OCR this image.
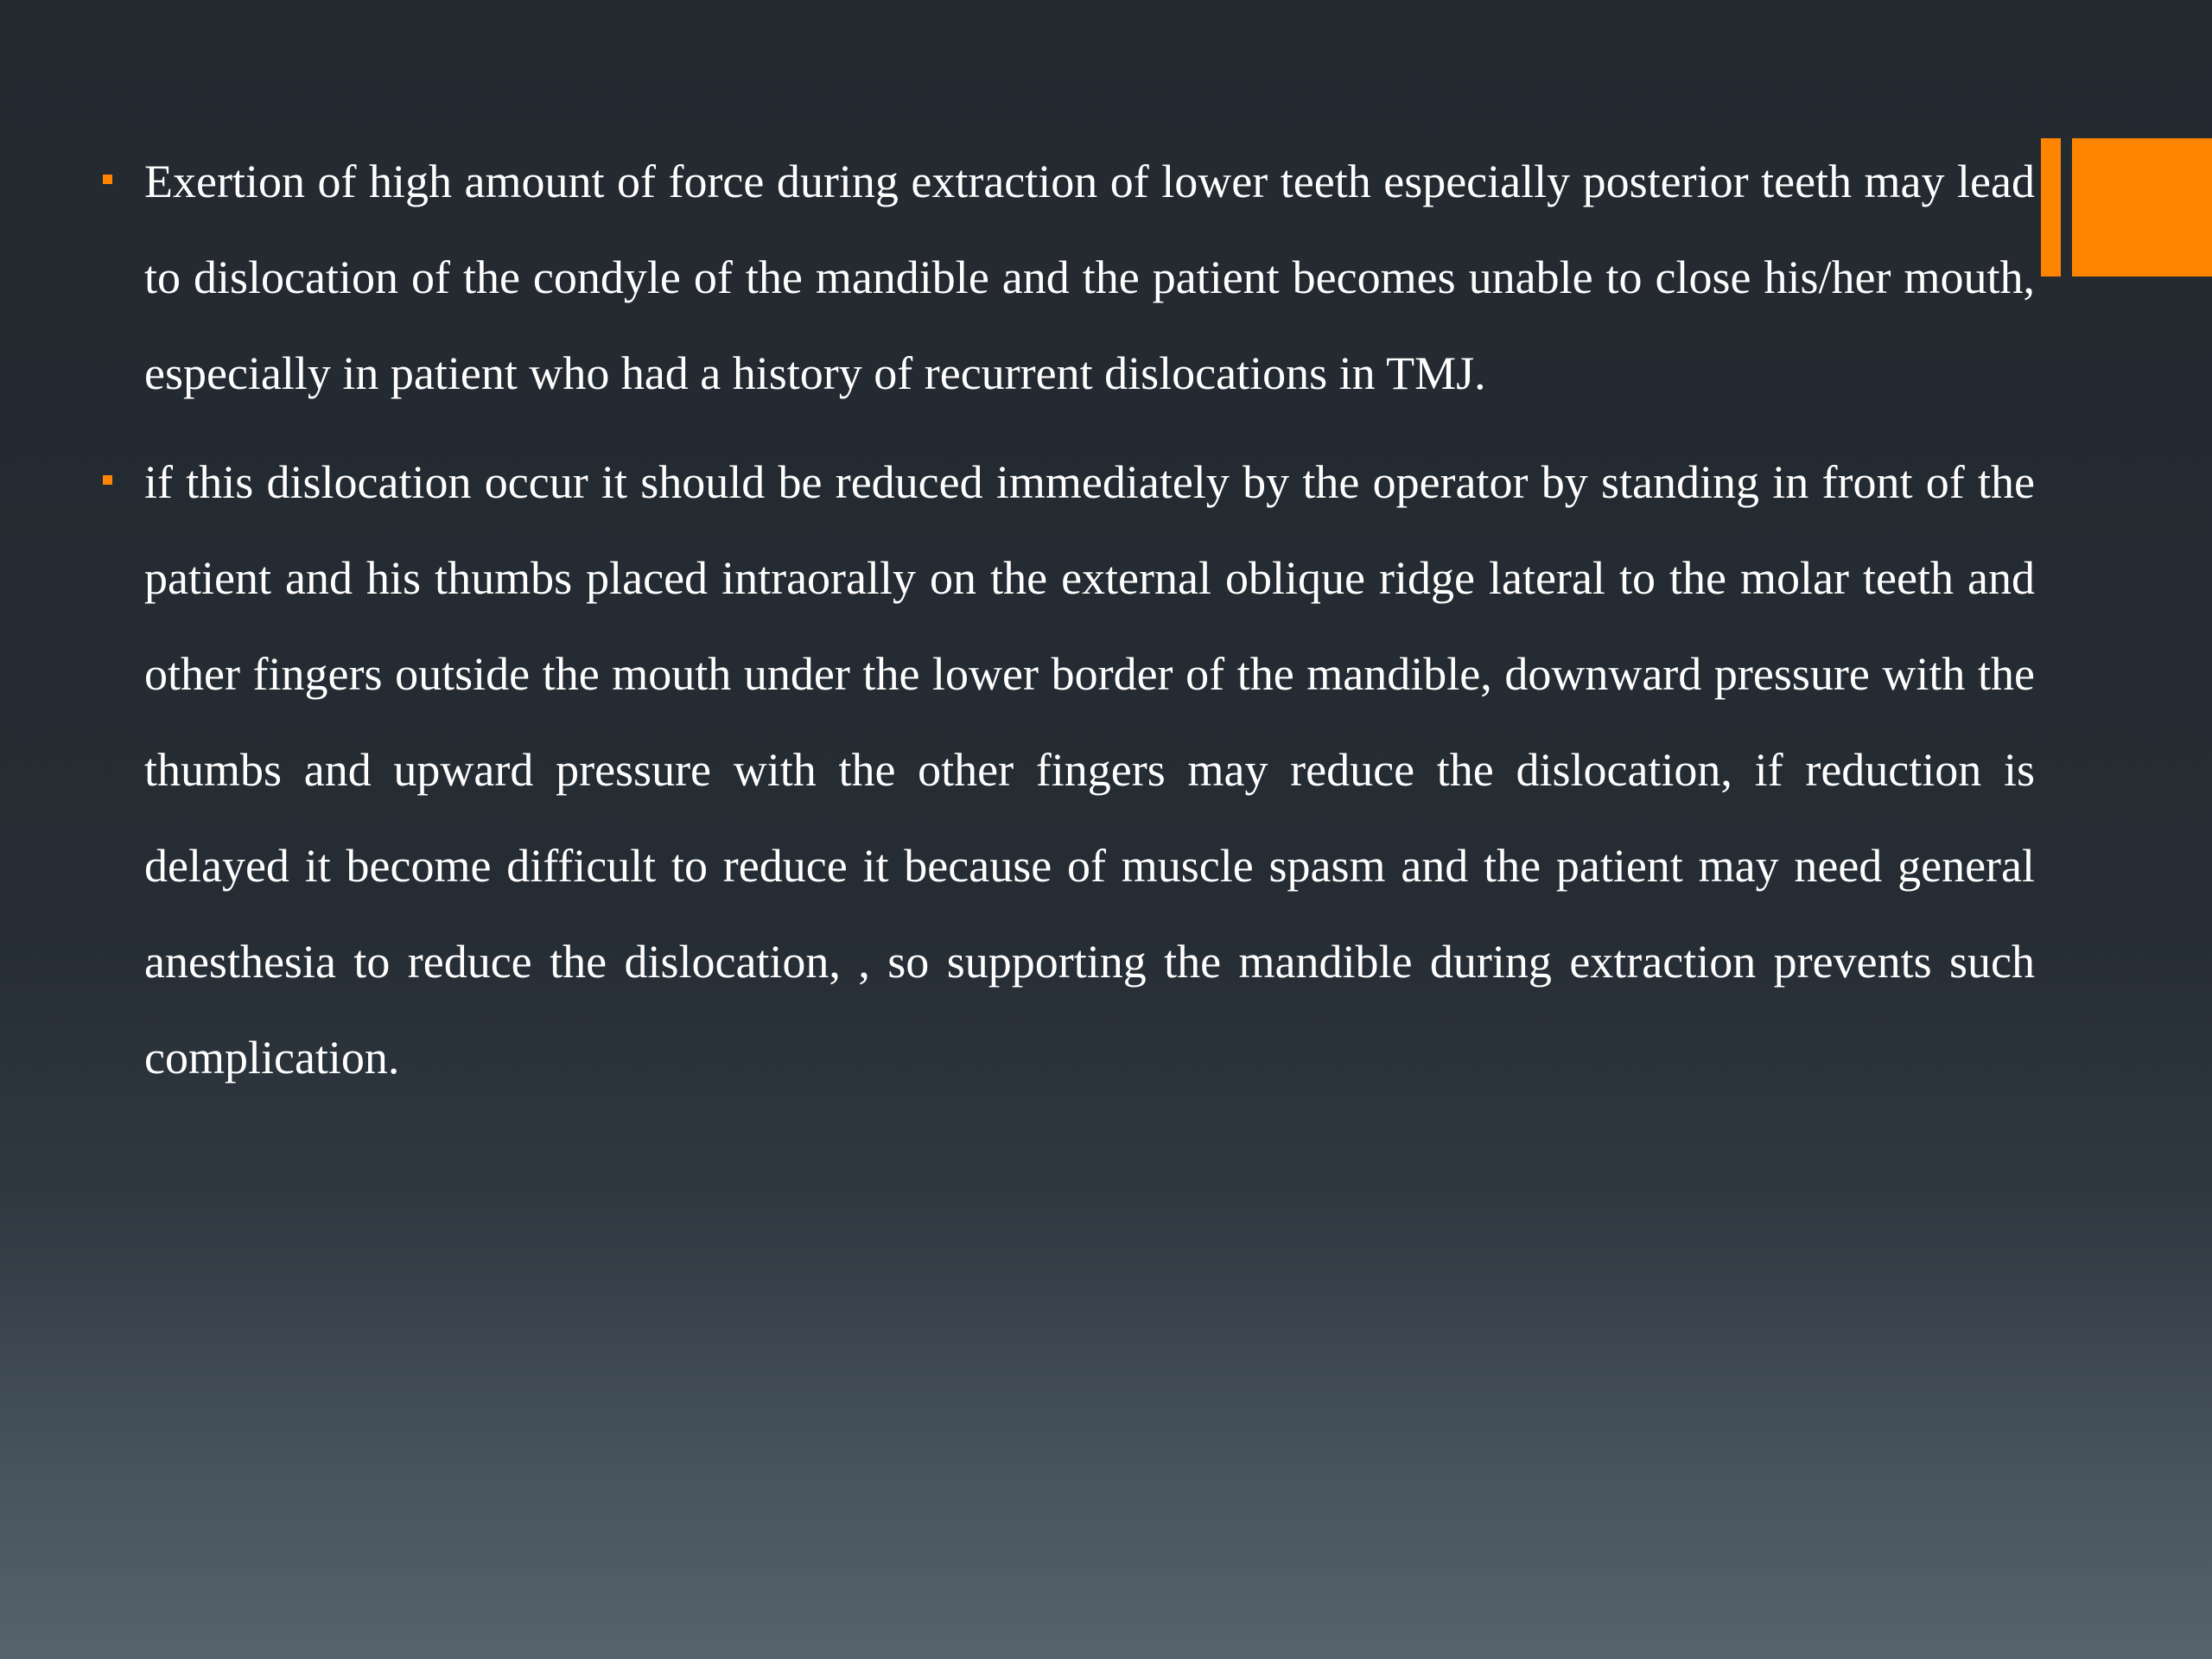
Exertion of high amount of force during extraction of lower teeth especially posterior teeth may lead to dislocation of the condyle of the mandible and the patient becomes unable to close his/her mouth, especially in patient who had a history of recurrent dislocations in TMJ.

if this dislocation occur it should be reduced immediately by the operator by standing in front of the patient and his thumbs placed intraorally on the external oblique ridge lateral to the molar teeth and other fingers outside the mouth under the lower border of the mandible, downward pressure with the thumbs and upward pressure with the other fingers may reduce the dislocation, if reduction is delayed it become difficult to reduce it because of muscle spasm and the patient may need general anesthesia to reduce the dislocation, , so supporting the mandible during extraction prevents such complication.
